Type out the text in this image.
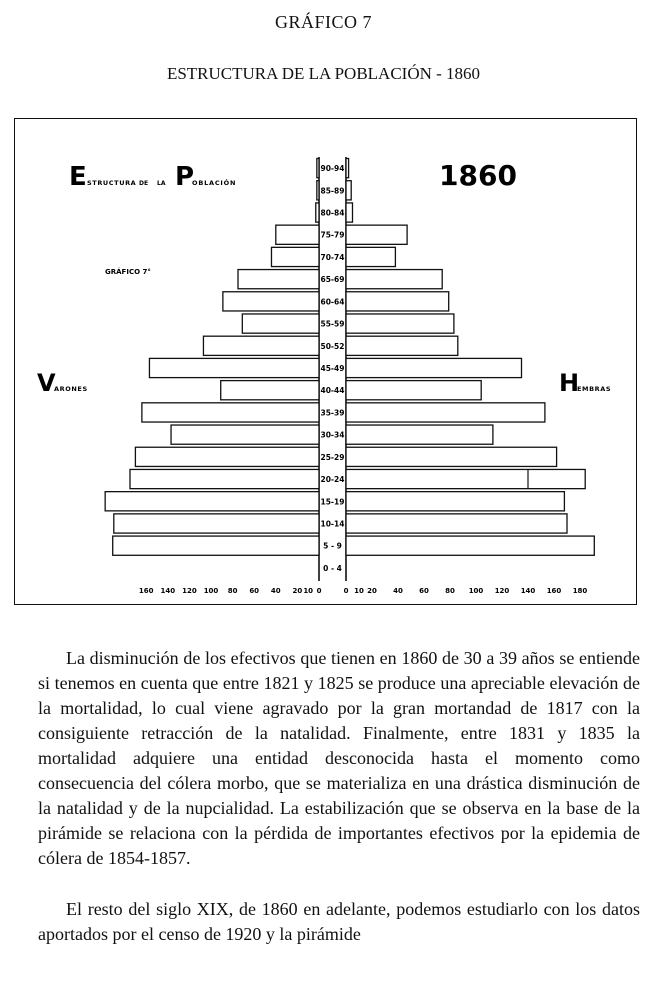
GRÁFICO 7
ESTRUCTURA DE LA POBLACIÓN - 1860
90-94
85-89
80-84
75-79
70-74
65-69
60-64
55-59
50-52
45-49
40-44
35-39
30-34
25-29
20-24
15-19
10-14
5 - 9
0 - 4
160 140 120 100 80 60 40 20 10 0	0 10 20 40 60 80 100 120 140 160 180
E STRUCTURA DE LA P
OBLACIÓN	1860
GRÁFICO 7°
V
ARONES	H
EMBRAS
La disminución de los efectivos que tienen en 1860 de 30 a 39 años se entiende si tenemos en cuenta que entre 1821 y 1825 se produce una apreciable elevación de la mortalidad, lo cual viene agravado por la gran mortandad de 1817 con la consiguiente retracción de la natalidad. Finalmente, entre 1831 y 1835 la mortalidad adquiere una entidad desconocida hasta el momento como consecuencia del cólera morbo, que se materializa en una drástica disminución de la natalidad y de la nupcialidad. La estabilización que se observa en la base de la pirámide se relaciona con la pérdida de importantes efectivos por la epidemia de cólera de 1854-1857.
El resto del siglo XIX, de 1860 en adelante, podemos estudiarlo con los datos aportados por el censo de 1920 y la pirámide
